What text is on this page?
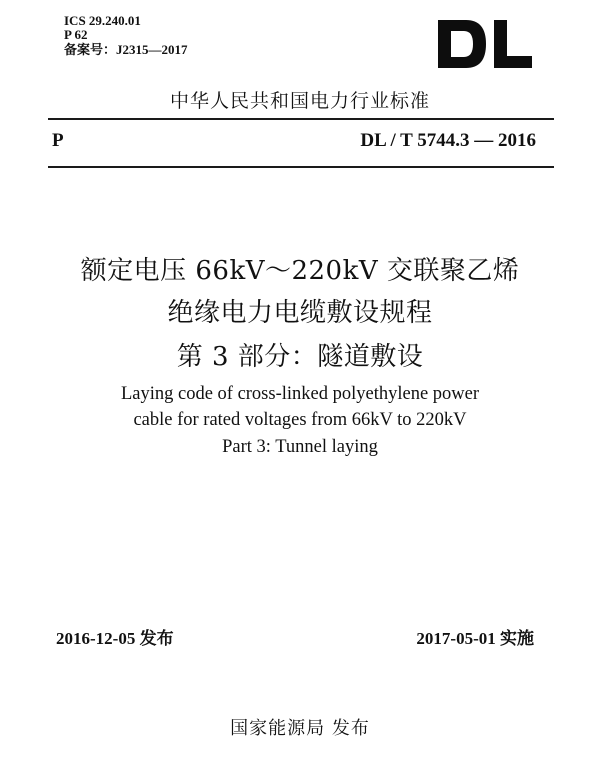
ICS 29.240.01
P 62
备案号：J2315—2017
中华人民共和国电力行业标准
P	DL / T 5744.3 — 2016
额定电压 66kV～220kV 交联聚乙烯
绝缘电力电缆敷设规程
第 3 部分：隧道敷设
Laying code of cross-linked polyethylene power
cable for rated voltages from 66kV to 220kV
Part 3: Tunnel laying
2016-12-05 发布	2017-05-01 实施
国家能源局 发布
